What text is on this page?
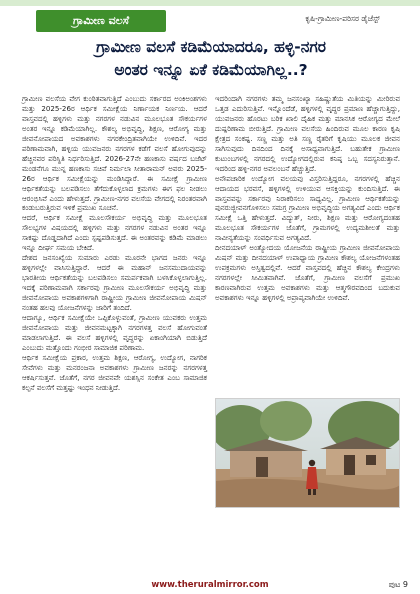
ಗ್ರಾಮೀಣ ವಲಸೆ	ಕೃಷಿ-ಗ್ರಾಮೀಣ-ಪರಿಸರ ಡೈಜೆಸ್ಟ್
ಗ್ರಾಮೀಣ ವಲಸೆ ಕಡಿಮೆಯಾದರೂ, ಹಳ್ಳಿ-ನಗರ
ಅಂತರ ಇನ್ನೂ ಏಕೆ ಕಡಿಮೆಯಾಗಿಲ್ಲ..?

ಗ್ರಾಮೀಣ ವಲಸೆಯ ವೇಗ ಕುಂಠಿತವಾಗುತ್ತಿದೆ ಎಂಬುದು ಸರ್ಕಾರದ ಅಂಕಿಅಂಶಗಳು ಮತ್ತು 2025-26ರ ಆರ್ಥಿಕ ಸಮೀಕ್ಷೆಯ ನಿರ್ಣಾಯಕ ನಿರ್ಣಯ. ಆದರೆ ವಾಸ್ತವದಲ್ಲಿ ಹಳ್ಳಿಗಳು ಮತ್ತು ನಗರಗಳ ನಡುವಿನ ಮೂಲಭೂತ ಸೌಕರ್ಯಗಳ ಅಂತರ ಇನ್ನೂ ಕಡಿಮೆಯಾಗಿಲ್ಲ. ಕೌಶಲ್ಯ ಅಭಿವೃದ್ಧಿ, ಶಿಕ್ಷಣ, ಆರೋಗ್ಯ ಮತ್ತು ಜೀವನೋಪಾಯದ ಅವಕಾಶಗಳು ನಗರಕೇಂದ್ರಿತವಾಗಿಯೇ ಉಳಿದಿವೆ. ಇದರ ಪರಿಣಾಮವಾಗಿ, ಹಳ್ಳಿಯ ಯುವಜನರು ನಗರಗಳ ಕಡೆಗೆ ವಲಸೆ ಹೋಗುವುದನ್ನು ಹೆಚ್ಚಿನವರ ಪರಿಸ್ಥಿತಿ ನಿರ್ಧರಿಸುತ್ತಿದೆ. 2026-27ನೇ ಹಣಕಾಸು ವರ್ಷದ ಬಜೆಟ್ ಮಂಡನೆಗೂ ಮುನ್ನ ಹಣಕಾಸು ಸಚಿವೆ ನಿರ್ಮಲಾ ಸೀತಾರಾಮನ್ ಅವರು 2025-26ರ ಆರ್ಥಿಕ ಸಮೀಕ್ಷೆಯನ್ನು ಮಂಡಿಸಿದ್ದಾರೆ. ಈ ಸಮೀಕ್ಷೆ ಗ್ರಾಮೀಣ ಆರ್ಥಿಕತೆಯನ್ನು ಬಲಪಡಿಸಲು ತೆಗೆದುಕೊಳ್ಳಲಾದ ಕ್ರಮಗಳು ಈಗ ಫಲ ನೀಡಲು ಆರಂಭಿಸಿವೆ ಎಂದು ಹೇಳುತ್ತದೆ. ಗ್ರಾಮೀಣ-ನಗರ ವಲಸೆಯ ವೇಗದಲ್ಲಿ ನಿರಂತರವಾಗಿ ಕಂಡುಬರುತ್ತಿರುವ ಇಳಿಕೆ ಪ್ರಮುಖ ಸೂಚನೆ.

ಆದರೆ, ಆರ್ಥಿಕ ಸಮೀಕ್ಷೆ ಮೂಲಸೌಕರ್ಯ ಅಭಿವೃದ್ಧಿ ಮತ್ತು ಮೂಲಭೂತ ಸೌಲಭ್ಯಗಳ ವಿಷಯದಲ್ಲಿ ಹಳ್ಳಿಗಳು ಮತ್ತು ನಗರಗಳ ನಡುವಿನ ಅಂತರ ಇನ್ನೂ ಸಾಕಷ್ಟು ದೊಡ್ಡದಾಗಿದೆ ಎಂದು ಸ್ಪಷ್ಟಪಡಿಸುತ್ತದೆ. ಈ ಅಂತರವನ್ನು ಕಡಿಮೆ ಮಾಡಲು ಇನ್ನೂ ದೀರ್ಘ ಸಮಯ ಬೇಕಿದೆ.

ದೇಶದ ಜನಸಂಖ್ಯೆಯ ಸುಮಾರು ಎರಡು ಮೂರನೇ ಭಾಗದ ಜನರು ಇನ್ನೂ ಹಳ್ಳಿಗಳಲ್ಲೇ ವಾಸಿಸುತ್ತಿದ್ದಾರೆ. ಆದರೆ ಈ ಮಹಾನ್ ಜನಸಮುದಾಯವನ್ನು ಭಾರತೀಯ ಆರ್ಥಿಕತೆಯನ್ನು ಬಲಪಡಿಸಲು ಸಮರ್ಪಕವಾಗಿ ಬಳಸಿಕೊಳ್ಳಲಾಗುತ್ತಿಲ್ಲ. ಇದಕ್ಕೆ ಪರಿಣಾಮವಾಗಿ ಸರ್ಕಾರವು ಗ್ರಾಮೀಣ ಮೂಲಸೌಕರ್ಯ ಅಭಿವೃದ್ಧಿ ಮತ್ತು ಜೀವನೋಪಾಯ ಅವಕಾಶಗಳಿಗಾಗಿ ರಾಷ್ಟ್ರೀಯ ಗ್ರಾಮೀಣ ಜೀವನೋಪಾಯ ಮಿಷನ್ ನಂತಹ ಹಲವು ಯೋಜನೆಗಳನ್ನು ಜಾರಿಗೆ ತಂದಿದೆ.

ಆದಾಗ್ಯೂ, ಆರ್ಥಿಕ ಸಮೀಕ್ಷೆಯೇ ಒಪ್ಪಿಕೊಳ್ಳುವಂತೆ, ಗ್ರಾಮೀಣ ಯುವಕರು ಉತ್ತಮ ಜೀವನೋಪಾಯ ಮತ್ತು ಜೀವನಮಟ್ಟಕ್ಕಾಗಿ ನಗರಗಳತ್ತ ವಲಸೆ ಹೋಗುವಂತೆ ಮಾಡಲಾಗುತ್ತಿದೆ. ಈ ವಲಸೆ ಹಳ್ಳಿಗಳಲ್ಲಿ ವೃದ್ಧರನ್ನು ಏಕಾಂಗಿಯಾಗಿ ಬಿಡುತ್ತಿದೆ ಎಂಬುದು ಮತ್ತೊಂದು ಗಂಭೀರ ಸಾಮಾಜಿಕ ಪರಿಣಾಮ.

ಆರ್ಥಿಕ ಸಮೀಕ್ಷೆಯ ಪ್ರಕಾರ, ಉತ್ತಮ ಶಿಕ್ಷಣ, ಆರೋಗ್ಯ, ಉದ್ಯೋಗ, ನಾಗರಿಕ ಸೇವೆಗಳು ಮತ್ತು ಮನರಂಜನಾ ಅವಕಾಶಗಳು ಗ್ರಾಮೀಣ ಜನರನ್ನು ನಗರಗಳತ್ತ ಆಕರ್ಷಿಸುತ್ತವೆ. ಜೊತೆಗೆ, ನಗರ ಜೀವನವೇ ಯಶಸ್ಸಿನ ಸಂಕೇತ ಎಂಬ ಸಾಮಾಜಿಕ ಕಲ್ಪನೆ ವಲಸೆಗೆ ಮತ್ತಷ್ಟು ಇಂಧನ ನೀಡುತ್ತಿದೆ.

ಇದರಿಂದಾಗಿ ನಗರಗಳು ತಮ್ಮ ಜನಸಂಖ್ಯಾ ಸಹಿಷ್ಣುತೆಯ ಮಿತಿಯನ್ನು ಮೀರಿರುವ ಒತ್ತಡ ಎದುರಿಸುತ್ತಿವೆ. ಇನ್ನೊಂದೆಡೆ, ಹಳ್ಳಿಗಳಲ್ಲಿ ವೃದ್ಧರ ಪ್ರಮಾಣ ಹೆಚ್ಚಾಗುತ್ತಿದ್ದು, ಯುವಜನರು ಹೊರಟು ಬರಿಕ ಖಾಲಿ ದೈಹಿಕ ಮತ್ತು ಮಾನಸಿಕ ಆರೋಗ್ಯದ ಮೇಲೆ ದುಷ್ಪರಿಣಾಮ ಬೀರುತ್ತಿದೆ. ಗ್ರಾಮೀಣ ವಲಸೆಯ ಹಿಂದಿರುವ ಮೂಲ ಕಾರಣ ಕೃಷಿ ಕ್ಷೇತ್ರದ ಸಂಕಷ್ಟ. ಸಣ್ಣ ಮತ್ತು ಅತಿ ಸಣ್ಣ ರೈತರಿಗೆ ಕೃಷಿಯು ಮೂಲಕ ಜೀವನ ಸಾಗಿಸುವುದು ದಿನದಿಂದ ದಿನಕ್ಕೆ ಅಸಾಧ್ಯವಾಗುತ್ತಿದೆ. ಬಹುತೇಕ ಗ್ರಾಮೀಣ ಕುಟುಂಬಗಳಲ್ಲಿ ನಗರದಲ್ಲಿ ಉದ್ಯೋಗದಲ್ಲಿರುವ ಕನಿಷ್ಠ ಒಬ್ಬ ಸದಸ್ಯನಿರುತ್ತಾನೆ. ಇದರಿಂದ ಹಳ್ಳಿ-ನಗರ ಅವಲಂಬನೆ ಹೆಚ್ಚುತ್ತಿದೆ.

ಅನೌಪಚಾರಿಕ ಉದ್ಯೋಗ ವಲಯವು ವಿಸ್ತರಿಸುತ್ತಿದ್ದರೂ, ನಗರಗಳಲ್ಲಿ ಹೆಚ್ಚಿನ ಆದಾಯದ ಭರವಸೆ, ಹಳ್ಳಿಗಳಲ್ಲಿ ಉಳಿಯುವ ಆಸಕ್ತಿಯನ್ನು ಕುಂದಿಸುತ್ತಿದೆ. ಈ ವಾಸ್ತವವನ್ನು ಸರ್ಕಾರವು ನಿರಾಕರಿಸಲು ಸಾಧ್ಯವಿಲ್ಲ. ಗ್ರಾಮೀಣ ಆರ್ಥಿಕತೆಯನ್ನು ಪುನರುಜ್ಜೀವನಗೊಳಿಸಲು ಸಮಗ್ರ ಗ್ರಾಮೀಣ ಅಭಿವೃದ್ಧಿಯ ಅಗತ್ಯವಿದೆ ಎಂದು ಆರ್ಥಿಕ ಸಮೀಕ್ಷೆ ಒತ್ತಿ ಹೇಳುತ್ತದೆ. ವಿದ್ಯುತ್, ನೀರು, ಶಿಕ್ಷಣ ಮತ್ತು ಆರೋಗ್ಯದಂತಹ ಮೂಲಭೂತ ಸೌಕರ್ಯಗಳ ಜೊತೆಗೆ, ಗ್ರಾಮಗಳಲ್ಲಿ ಉದ್ಯಮಶೀಲತೆ ಮತ್ತು ನಾವೀನ್ಯತೆಯನ್ನು ಸಂವರ್ಧಿಸುವ ಅಗತ್ಯವಿದೆ.

ದೀನದಯಾಳ್ ಅಂತ್ಯೋದಯ ಯೋಜನೆಯ ರಾಷ್ಟ್ರೀಯ ಗ್ರಾಮೀಣ ಜೀವನೋಪಾಯ ಮಿಷನ್ ಮತ್ತು ದೀನದಯಾಳ್ ಉಪಾಧ್ಯಾಯ ಗ್ರಾಮೀಣ ಕೌಶಲ್ಯ ಯೋಜನೆಗಳಂತಹ ಉಪಕ್ರಮಗಳು ಅಸ್ತಿತ್ವದಲ್ಲಿವೆ. ಆದರೆ ವಾಸ್ತವದಲ್ಲಿ ಹೆಚ್ಚಿನ ಕೌಶಲ್ಯ ಕೇಂದ್ರಗಳು ನಗರಗಳಲ್ಲೇ ಸೀಮಿತವಾಗಿವೆ. ಜೊತೆಗೆ, ಗ್ರಾಮೀಣ ವಲಸೆಗೆ ಪ್ರಮುಖ ಕಾರಣವಾಗಿರುವ ಉತ್ತಮ ಅವಕಾಶಗಳು ಮತ್ತು ಆತ್ಮಗೌರವದಿಂದ ಬದುಕುವ ಅವಕಾಶಗಳು ಇನ್ನೂ ಹಳ್ಳಿಗಳಲ್ಲಿ ಅಪ್ರಾಪ್ಯವಾಗಿಯೇ ಉಳಿದಿವೆ.

www.theruralmirror.com	ಪುಟ 9
